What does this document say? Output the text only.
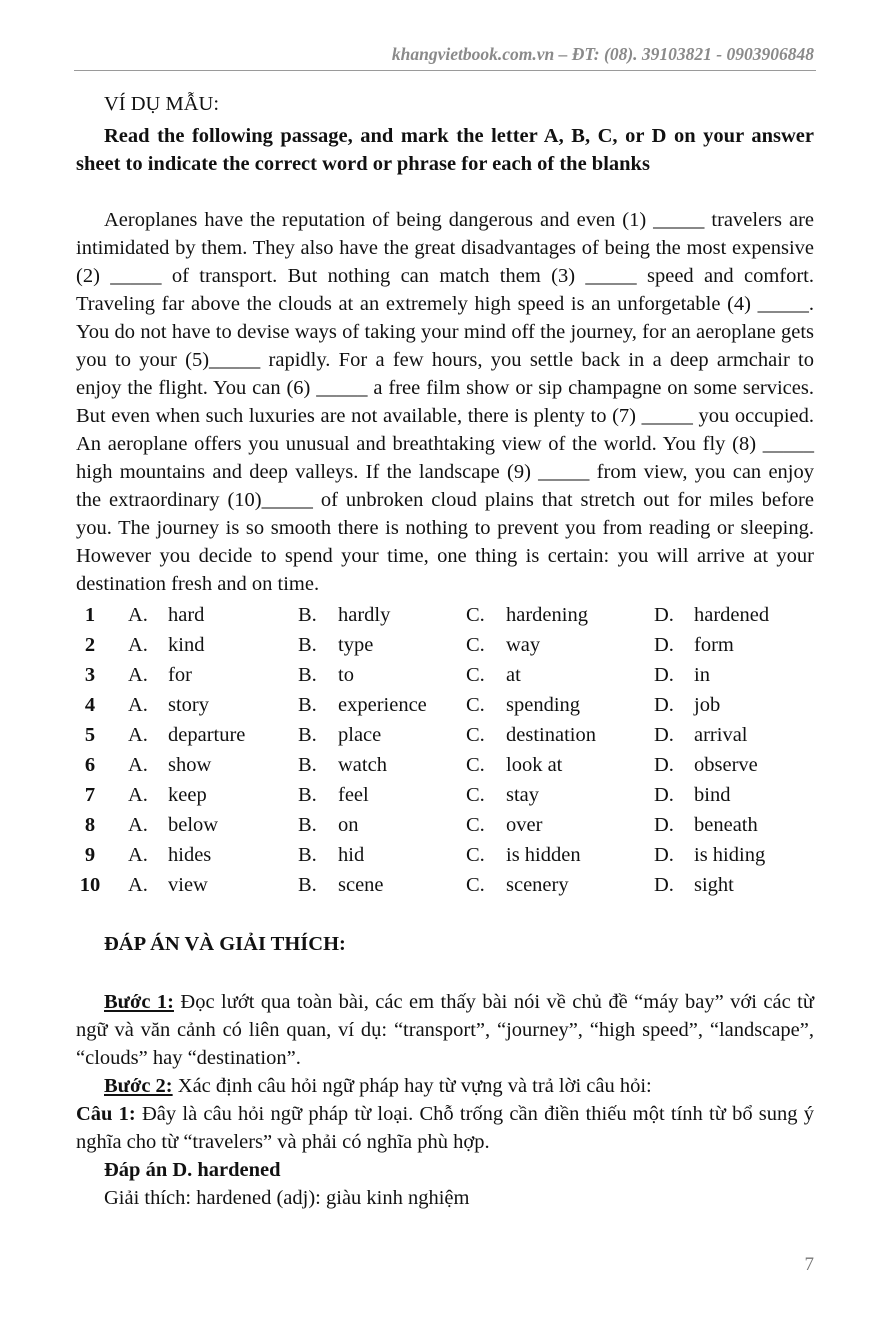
khangvietbook.com.vn – ĐT: (08). 39103821 - 0903906848

VÍ DỤ MẪU:

Read the following passage, and mark the letter A, B, C, or D on your answer sheet to indicate the correct word or phrase for each of the blanks

Aeroplanes have the reputation of being dangerous and even (1) _____ travelers are intimidated by them. They also have the great disadvantages of being the most expensive (2) _____ of transport. But nothing can match them (3) _____ speed and comfort. Traveling far above the clouds at an extremely high speed is an unforgetable (4) _____. You do not have to devise ways of taking your mind off the journey, for an aeroplane gets you to your (5)_____ rapidly. For a few hours, you settle back in a deep armchair to enjoy the flight. You can (6) _____ a free film show or sip champagne on some services. But even when such luxuries are not available, there is plenty to (7) _____ you occupied. An aeroplane offers you unusual and breathtaking view of the world. You fly (8) _____ high mountains and deep valleys. If the landscape (9) _____ from view, you can enjoy the extraordinary (10)_____ of unbroken cloud plains that stretch out for miles before you. The journey is so smooth there is nothing to prevent you from reading or sleeping. However you decide to spend your time, one thing is certain: you will arrive at your destination fresh and on time.

1	A.	hard	B.	hardly	C.	hardening	D.	hardened
2	A.	kind	B.	type	C.	way	D.	form
3	A.	for	B.	to	C.	at	D.	in
4	A.	story	B.	experience	C.	spending	D.	job
5	A.	departure	B.	place	C.	destination	D.	arrival
6	A.	show	B.	watch	C.	look at	D.	observe
7	A.	keep	B.	feel	C.	stay	D.	bind
8	A.	below	B.	on	C.	over	D.	beneath
9	A.	hides	B.	hid	C.	is hidden	D.	is hiding
10	A.	view	B.	scene	C.	scenery	D.	sight

ĐÁP ÁN VÀ GIẢI THÍCH:

Bước 1: Đọc lướt qua toàn bài, các em thấy bài nói về chủ đề “máy bay” với các từ ngữ và văn cảnh có liên quan, ví dụ: “transport”, “journey”, “high speed”, “landscape”, “clouds” hay “destination”.

Bước 2: Xác định câu hỏi ngữ pháp hay từ vựng và trả lời câu hỏi:

Câu 1: Đây là câu hỏi ngữ pháp từ loại. Chỗ trống cần điền thiếu một tính từ bổ sung ý nghĩa cho từ “travelers” và phải có nghĩa phù hợp.

Đáp án D. hardened

Giải thích: hardened (adj): giàu kinh nghiệm

7
